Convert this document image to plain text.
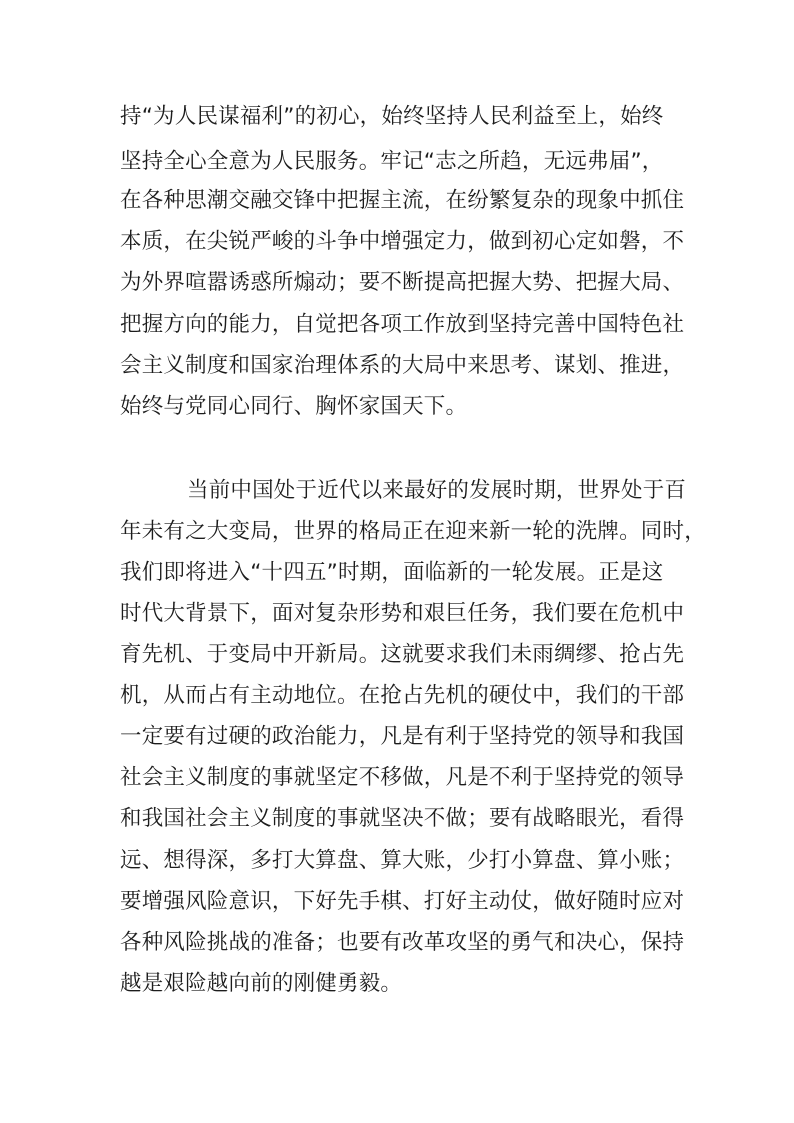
持“为人民谋福利”的初心，始终坚持人民利益至上，始终

坚持全心全意为人民服务。牢记“志之所趋，无远弗届”，

在各种思潮交融交锋中把握主流，在纷繁复杂的现象中抓住

本质，在尖锐严峻的斗争中增强定力，做到初心定如磐，不

为外界喧嚣诱惑所煽动；要不断提高把握大势、把握大局、

把握方向的能力，自觉把各项工作放到坚持完善中国特色社

会主义制度和国家治理体系的大局中来思考、谋划、推进，

始终与党同心同行、胸怀家国天下。

当前中国处于近代以来最好的发展时期，世界处于百

年未有之大变局，世界的格局正在迎来新一轮的洗牌。同时，

我们即将进入“十四五”时期，面临新的一轮发展。正是这

时代大背景下，面对复杂形势和艰巨任务，我们要在危机中

育先机、于变局中开新局。这就要求我们未雨绸缪、抢占先

机，从而占有主动地位。在抢占先机的硬仗中，我们的干部

一定要有过硬的政治能力，凡是有利于坚持党的领导和我国

社会主义制度的事就坚定不移做，凡是不利于坚持党的领导

和我国社会主义制度的事就坚决不做；要有战略眼光，看得

远、想得深，多打大算盘、算大账，少打小算盘、算小账；

要增强风险意识，下好先手棋、打好主动仗，做好随时应对

各种风险挑战的准备；也要有改革攻坚的勇气和决心，保持

越是艰险越向前的刚健勇毅。
